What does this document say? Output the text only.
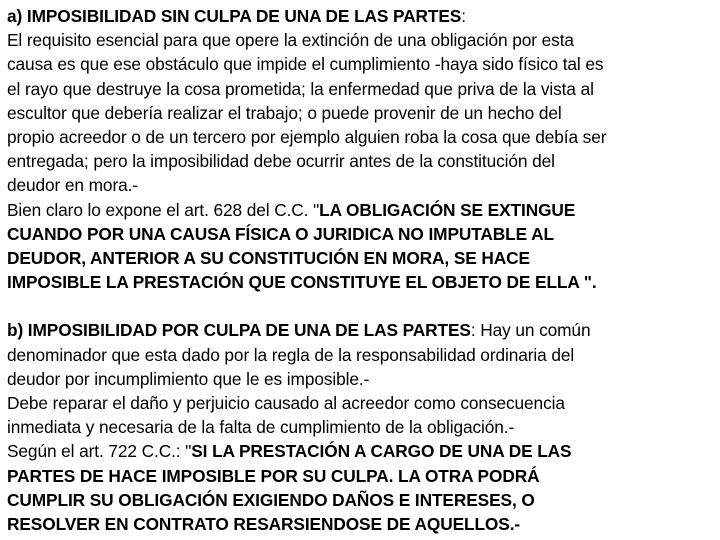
a) IMPOSIBILIDAD SIN CULPA DE UNA DE LAS PARTES:
El requisito esencial para que opere la extinción de una obligación por esta
causa es que ese obstáculo que impide el cumplimiento -haya sido físico tal es
el rayo que destruye la cosa prometida; la enfermedad que priva de la vista al
escultor que debería realizar el trabajo; o puede provenir de un hecho del
propio acreedor o de un tercero por ejemplo alguien roba la cosa que debía ser
entregada; pero la imposibilidad debe ocurrir antes de la constitución del
deudor en mora.-
Bien claro lo expone el art. 628 del C.C. "LA OBLIGACIÓN SE EXTINGUE
CUANDO POR UNA CAUSA FÍSICA O JURIDICA NO IMPUTABLE AL
DEUDOR, ANTERIOR A SU CONSTITUCIÓN EN MORA, SE HACE
IMPOSIBLE LA PRESTACIÓN QUE CONSTITUYE EL OBJETO DE ELLA ".
b) IMPOSIBILIDAD POR CULPA DE UNA DE LAS PARTES: Hay un común
denominador que esta dado por la regla de la responsabilidad ordinaria del
deudor por incumplimiento que le es imposible.-
Debe reparar el daño y perjuicio causado al acreedor como consecuencia
inmediata y necesaria de la falta de cumplimiento de la obligación.-
Según el art. 722 C.C.: "SI LA PRESTACIÓN A CARGO DE UNA DE LAS
PARTES DE HACE IMPOSIBLE POR SU CULPA. LA OTRA PODRÁ
CUMPLIR SU OBLIGACIÓN EXIGIENDO DAÑOS E INTERESES, O
RESOLVER EN CONTRATO RESARSIENDOSE DE AQUELLOS.-
